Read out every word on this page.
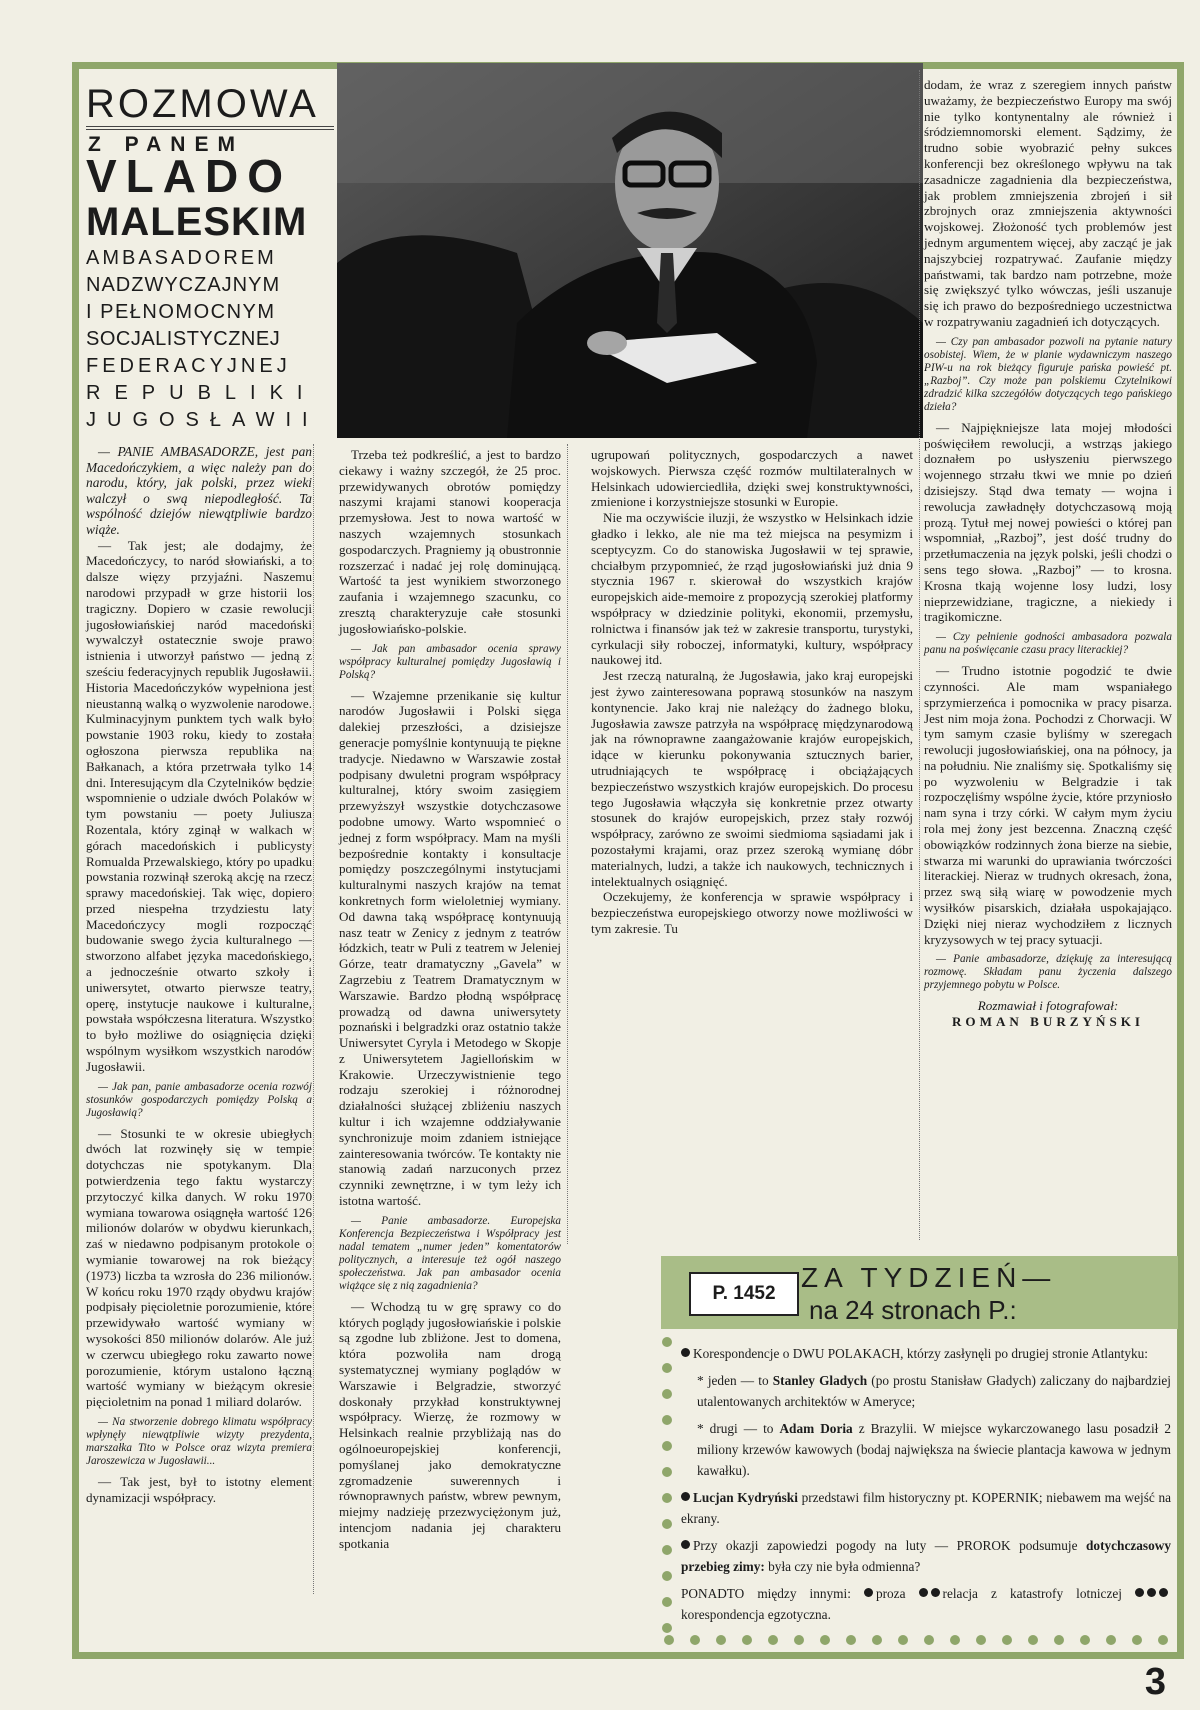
ROZMOWA
Z PANEM
VLADO
MALESKIM
AMBASADOREM
NADZWYCZAJNYM
I PEŁNOMOCNYM
SOCJALISTYCZNEJ
FEDERACYJNEJ
REPUBLIKI
JUGOSŁAWII

— PANIE AMBASADORZE, jest pan Macedończykiem, a więc należy pan do narodu, który, jak polski, przez wieki walczył o swą niepodległość. Ta wspólność dziejów niewątpliwie bardzo wiąże.

— Tak jest; ale dodajmy, że Macedończycy, to naród słowiański, a to dalsze więzy przyjaźni. Naszemu narodowi przypadł w grze historii los tragiczny. Dopiero w czasie rewolucji jugosłowiańskiej naród macedoński wywalczył ostatecznie swoje prawo istnienia i utworzył państwo — jedną z sześciu federacyjnych republik Jugosławii. Historia Macedończyków wypełniona jest nieustanną walką o wyzwolenie narodowe. Kulminacyjnym punktem tych walk było powstanie 1903 roku, kiedy to została ogłoszona pierwsza republika na Bałkanach, a która przetrwała tylko 14 dni. Interesującym dla Czytelników będzie wspomnienie o udziale dwóch Polaków w tym powstaniu — poety Juliusza Rozentala, który zginął w walkach w górach macedońskich i publicysty Romualda Przewalskiego, który po upadku powstania rozwinął szeroką akcję na rzecz sprawy macedońskiej. Tak więc, dopiero przed niespełna trzydziestu laty Macedończycy mogli rozpocząć budowanie swego życia kulturalnego — stworzono alfabet języka macedońskiego, a jednocześnie otwarto szkoły i uniwersytet, otwarto pierwsze teatry, operę, instytucje naukowe i kulturalne, powstała współczesna literatura. Wszystko to było możliwe do osiągnięcia dzięki wspólnym wysiłkom wszystkich narodów Jugosławii.

— Jak pan, panie ambasadorze ocenia rozwój stosunków gospodarczych pomiędzy Polską a Jugosławią?

— Stosunki te w okresie ubiegłych dwóch lat rozwinęły się w tempie dotychczas nie spotykanym. Dla potwierdzenia tego faktu wystarczy przytoczyć kilka danych. W roku 1970 wymiana towarowa osiągnęła wartość 126 milionów dolarów w obydwu kierunkach, zaś w niedawno podpisanym protokole o wymianie towarowej na rok bieżący (1973) liczba ta wzrosła do 236 milionów. W końcu roku 1970 rządy obydwu krajów podpisały pięcioletnie porozumienie, które przewidywało wartość wymiany w wysokości 850 milionów dolarów. Ale już w czerwcu ubiegłego roku zawarto nowe porozumienie, którym ustalono łączną wartość wymiany w bieżącym okresie pięcioletnim na ponad 1 miliard dolarów.

— Na stworzenie dobrego klimatu współpracy wpłynęły niewątpliwie wizyty prezydenta, marszałka Tito w Polsce oraz wizyta premiera Jaroszewicza w Jugosławii...

— Tak jest, był to istotny element dynamizacji współpracy.

Trzeba też podkreślić, a jest to bardzo ciekawy i ważny szczegół, że 25 proc. przewidywanych obrotów pomiędzy naszymi krajami stanowi kooperacja przemysłowa. Jest to nowa wartość w naszych wzajemnych stosunkach gospodarczych. Pragniemy ją obustronnie rozszerzać i nadać jej rolę dominującą. Wartość ta jest wynikiem stworzonego zaufania i wzajemnego szacunku, co zresztą charakteryzuje całe stosunki jugosłowiańsko-polskie.

— Jak pan ambasador ocenia sprawy współpracy kulturalnej pomiędzy Jugosławią i Polską?

— Wzajemne przenikanie się kultur narodów Jugosławii i Polski sięga dalekiej przeszłości, a dzisiejsze generacje pomyślnie kontynuują te piękne tradycje. Niedawno w Warszawie został podpisany dwuletni program współpracy kulturalnej, który swoim zasięgiem przewyższył wszystkie dotychczasowe podobne umowy. Warto wspomnieć o jednej z form współpracy. Mam na myśli bezpośrednie kontakty i konsultacje pomiędzy poszczególnymi instytucjami kulturalnymi naszych krajów na temat konkretnych form wieloletniej wymiany. Od dawna taką współpracę kontynuują nasz teatr w Zenicy z jednym z teatrów łódzkich, teatr w Puli z teatrem w Jeleniej Górze, teatr dramatyczny „Gavela” w Zagrzebiu z Teatrem Dramatycznym w Warszawie. Bardzo płodną współpracę prowadzą od dawna uniwersytety poznański i belgradzki oraz ostatnio także Uniwersytet Cyryla i Metodego w Skopje z Uniwersytetem Jagiellońskim w Krakowie. Urzeczywistnienie tego rodzaju szerokiej i różnorodnej działalności służącej zbliżeniu naszych kultur i ich wzajemne oddziaływanie synchronizuje moim zdaniem istniejące zainteresowania twórców. Te kontakty nie stanowią zadań narzuconych przez czynniki zewnętrzne, i w tym leży ich istotna wartość.

— Panie ambasadorze. Europejska Konferencja Bezpieczeństwa i Współpracy jest nadal tematem „numer jeden” komentatorów politycznych, a interesuje też ogół naszego społeczeństwa. Jak pan ambasador ocenia wiążące się z nią zagadnienia?

— Wchodzą tu w grę sprawy co do których poglądy jugosłowiańskie i polskie są zgodne lub zbliżone. Jest to domena, która pozwoliła nam drogą systematycznej wymiany poglądów w Warszawie i Belgradzie, stworzyć doskonały przykład konstruktywnej współpracy. Wierzę, że rozmowy w Helsinkach realnie przybliżają nas do ogólnoeuropejskiej konferencji, pomyślanej jako demokratyczne zgromadzenie suwerennych i równoprawnych państw, wbrew pewnym, miejmy nadzieję przezwyciężonym już, intencjom nadania jej charakteru spotkania

ugrupowań politycznych, gospodarczych a nawet wojskowych. Pierwsza część rozmów multilateralnych w Helsinkach udowierciedliła, dzięki swej konstruktywności, zmienione i korzystniejsze stosunki w Europie.

Nie ma oczywiście iluzji, że wszystko w Helsinkach idzie gładko i lekko, ale nie ma też miejsca na pesymizm i sceptycyzm. Co do stanowiska Jugosławii w tej sprawie, chciałbym przypomnieć, że rząd jugosłowiański już dnia 9 stycznia 1967 r. skierował do wszystkich krajów europejskich aide-memoire z propozycją szerokiej platformy współpracy w dziedzinie polityki, ekonomii, przemysłu, rolnictwa i finansów jak też w zakresie transportu, turystyki, cyrkulacji siły roboczej, informatyki, kultury, współpracy naukowej itd.

Jest rzeczą naturalną, że Jugosławia, jako kraj europejski jest żywo zainteresowana poprawą stosunków na naszym kontynencie. Jako kraj nie należący do żadnego bloku, Jugosławia zawsze patrzyła na współpracę międzynarodową jak na równoprawne zaangażowanie krajów europejskich, idące w kierunku pokonywania sztucznych barier, utrudniających te współpracę i obciążających bezpieczeństwo wszystkich krajów europejskich. Do procesu tego Jugosławia włączyła się konkretnie przez otwarty stosunek do krajów europejskich, przez stały rozwój współpracy, zarówno ze swoimi siedmioma sąsiadami jak i pozostałymi krajami, oraz przez szeroką wymianę dóbr materialnych, ludzi, a także ich naukowych, technicznych i intelektualnych osiągnięć.

Oczekujemy, że konferencja w sprawie współpracy i bezpieczeństwa europejskiego otworzy nowe możliwości w tym zakresie. Tu

dodam, że wraz z szeregiem innych państw uważamy, że bezpieczeństwo Europy ma swój nie tylko kontynentalny ale również i śródziemnomorski element. Sądzimy, że trudno sobie wyobrazić pełny sukces konferencji bez określonego wpływu na tak zasadnicze zagadnienia dla bezpieczeństwa, jak problem zmniejszenia zbrojeń i sił zbrojnych oraz zmniejszenia aktywności wojskowej. Złożoność tych problemów jest jednym argumentem więcej, aby zacząć je jak najszybciej rozpatrywać. Zaufanie między państwami, tak bardzo nam potrzebne, może się zwiększyć tylko wówczas, jeśli uszanuje się ich prawo do bezpośredniego uczestnictwa w rozpatrywaniu zagadnień ich dotyczących.

— Czy pan ambasador pozwoli na pytanie natury osobistej. Wiem, że w planie wydawniczym naszego PIW-u na rok bieżący figuruje pańska powieść pt. „Razboj”. Czy może pan polskiemu Czytelnikowi zdradzić kilka szczegółów dotyczących tego pańskiego dzieła?

— Najpiękniejsze lata mojej młodości poświęciłem rewolucji, a wstrząs jakiego doznałem po usłyszeniu pierwszego wojennego strzału tkwi we mnie po dzień dzisiejszy. Stąd dwa tematy — wojna i rewolucja zawładnęły dotychczasową moją prozą. Tytuł mej nowej powieści o której pan wspomniał, „Razboj”, jest dość trudny do przetłumaczenia na język polski, jeśli chodzi o sens tego słowa. „Razboj” — to krosna. Krosna tkają wojenne losy ludzi, losy nieprzewidziane, tragiczne, a niekiedy i tragikomiczne.

— Czy pełnienie godności ambasadora pozwala panu na poświęcanie czasu pracy literackiej?

— Trudno istotnie pogodzić te dwie czynności. Ale mam wspaniałego sprzymierzeńca i pomocnika w pracy pisarza. Jest nim moja żona. Pochodzi z Chorwacji. W tym samym czasie byliśmy w szeregach rewolucji jugosłowiańskiej, ona na północy, ja na południu. Nie znaliśmy się. Spotkaliśmy się po wyzwoleniu w Belgradzie i tak rozpoczęliśmy wspólne życie, które przyniosło nam syna i trzy córki. W całym mym życiu rola mej żony jest bezcenna. Znaczną część obowiązków rodzinnych żona bierze na siebie, stwarza mi warunki do uprawiania twórczości literackiej. Nieraz w trudnych okresach, żona, przez swą siłą wiarę w powodzenie mych wysiłków pisarskich, działała uspokajająco. Dzięki niej nieraz wychodziłem z licznych kryzysowych w tej pracy sytuacji.

— Panie ambasadorze, dziękuję za interesującą rozmowę. Składam panu życzenia dalszego przyjemnego pobytu w Polsce.

Rozmawiał i fotografował:

ROMAN BURZYŃSKI

P. 1452
ZA TYDZIEŃ—
na 24 stronach P.:

Korespondencje o DWU POLAKACH, którzy zasłynęli po drugiej stronie Atlantyku:

* jeden — to Stanley Gladych (po prostu Stanisław Gładych) zaliczany do najbardziej utalentowanych architektów w Ameryce;

* drugi — to Adam Doria z Brazylii. W miejsce wykarczowanego lasu posadził 2 miliony krzewów kawowych (bodaj największa na świecie plantacja kawowa w jednym kawałku).

Lucjan Kydryński przedstawi film historyczny pt. KOPERNIK; niebawem ma wejść na ekrany.

Przy okazji zapowiedzi pogody na luty — PROROK podsumuje dotychczasowy przebieg zimy: była czy nie była odmienna?

PONADTO między innymi: proza	relacja z katastrofy lotniczej korespondencja egzotyczna.

3
